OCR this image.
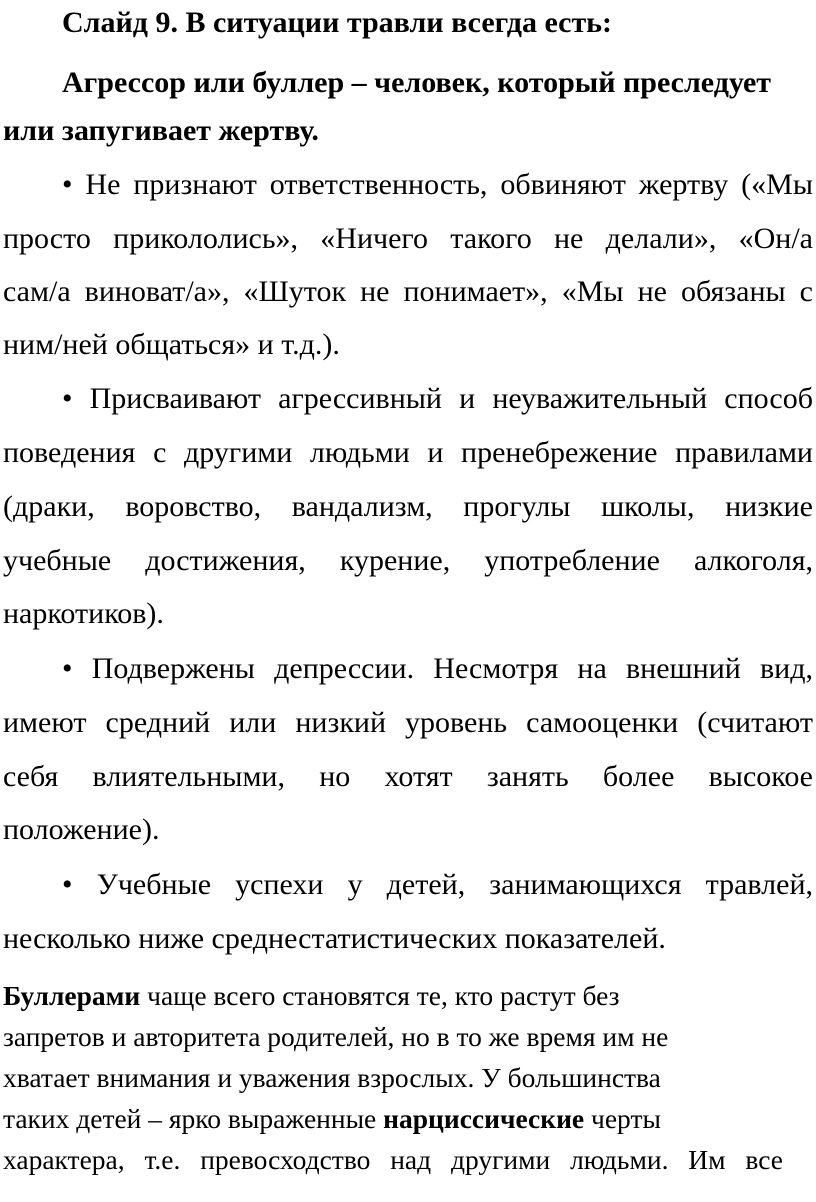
Слайд 9. В ситуации травли всегда есть:
Агрессор или буллер – человек, который преследует
или запугивает жертву.
• Не признают ответственность, обвиняют жертву («Мы
просто прикололись», «Ничего такого не делали», «Он/а
сам/а виноват/а», «Шуток не понимает», «Мы не обязаны с
ним/ней общаться» и т.д.).
• Присваивают агрессивный и неуважительный способ
поведения с другими людьми и пренебрежение правилами
(драки, воровство, вандализм, прогулы школы, низкие
учебные достижения, курение, употребление алкоголя,
наркотиков).
• Подвержены депрессии. Несмотря на внешний вид,
имеют средний или низкий уровень самооценки (считают
себя влиятельными, но хотят занять более высокое
положение).
• Учебные успехи у детей, занимающихся травлей,
несколько ниже среднестатистических показателей.
Буллерами чаще всего становятся те, кто растут без
запретов и авторитета родителей, но в то же время им не
хватает внимания и уважения взрослых. У большинства
таких детей – ярко выраженные нарциссические черты
характера, т.е. превосходство над другими людьми. Им все
